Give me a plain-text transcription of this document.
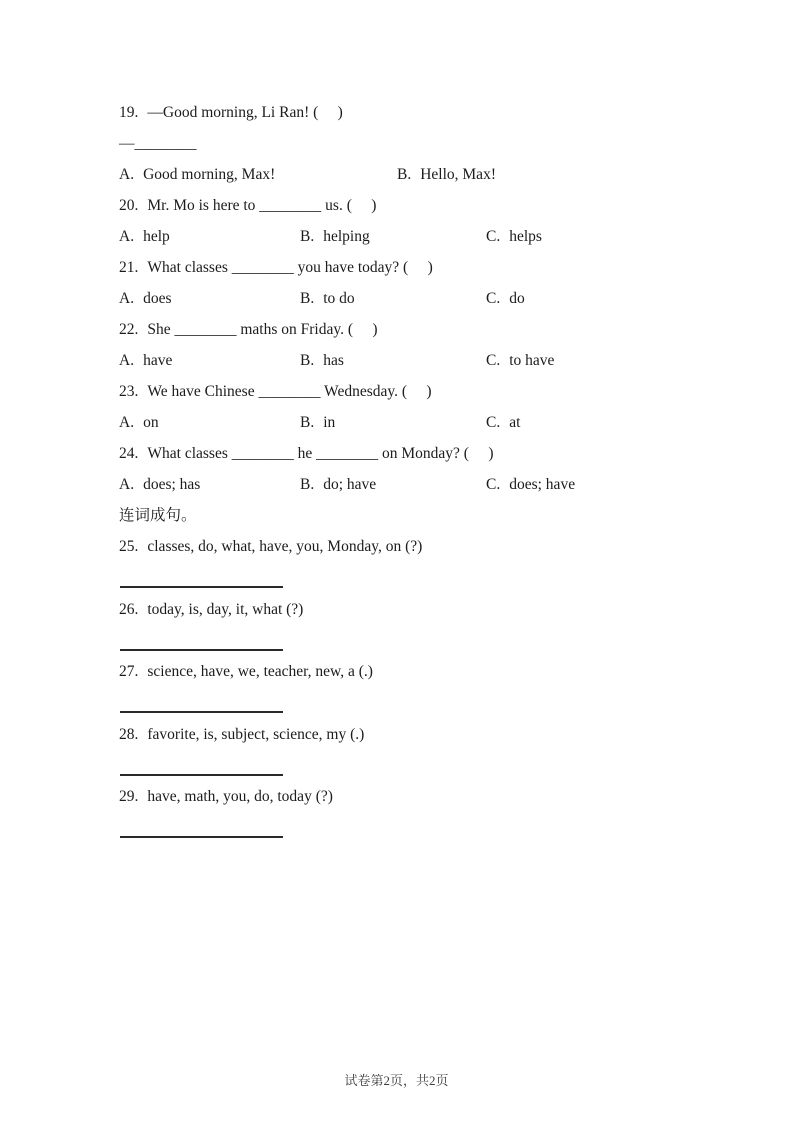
19. —Good morning, Li Ran! (     )
—________
A. Good morning, Max!	B. Hello, Max!
20. Mr. Mo is here to ________ us. (     )
A. help	B. helping	C. helps
21. What classes ________ you have today? (     )
A. does	B. to do	C. do
22. She ________ maths on Friday. (     )
A. have	B. has	C. to have
23. We have Chinese ________ Wednesday. (     )
A. on	B. in	C. at
24. What classes ________ he ________ on Monday? (     )
A. does; has	B. do; have	C. does; have
连词成句。
25. classes, do, what, have, you, Monday, on (?)
26. today, is, day, it, what (?)
27. science, have, we, teacher, new, a (.)
28. favorite, is, subject, science, my (.)
29. have, math, you, do, today (?)
试卷第2页，共2页
